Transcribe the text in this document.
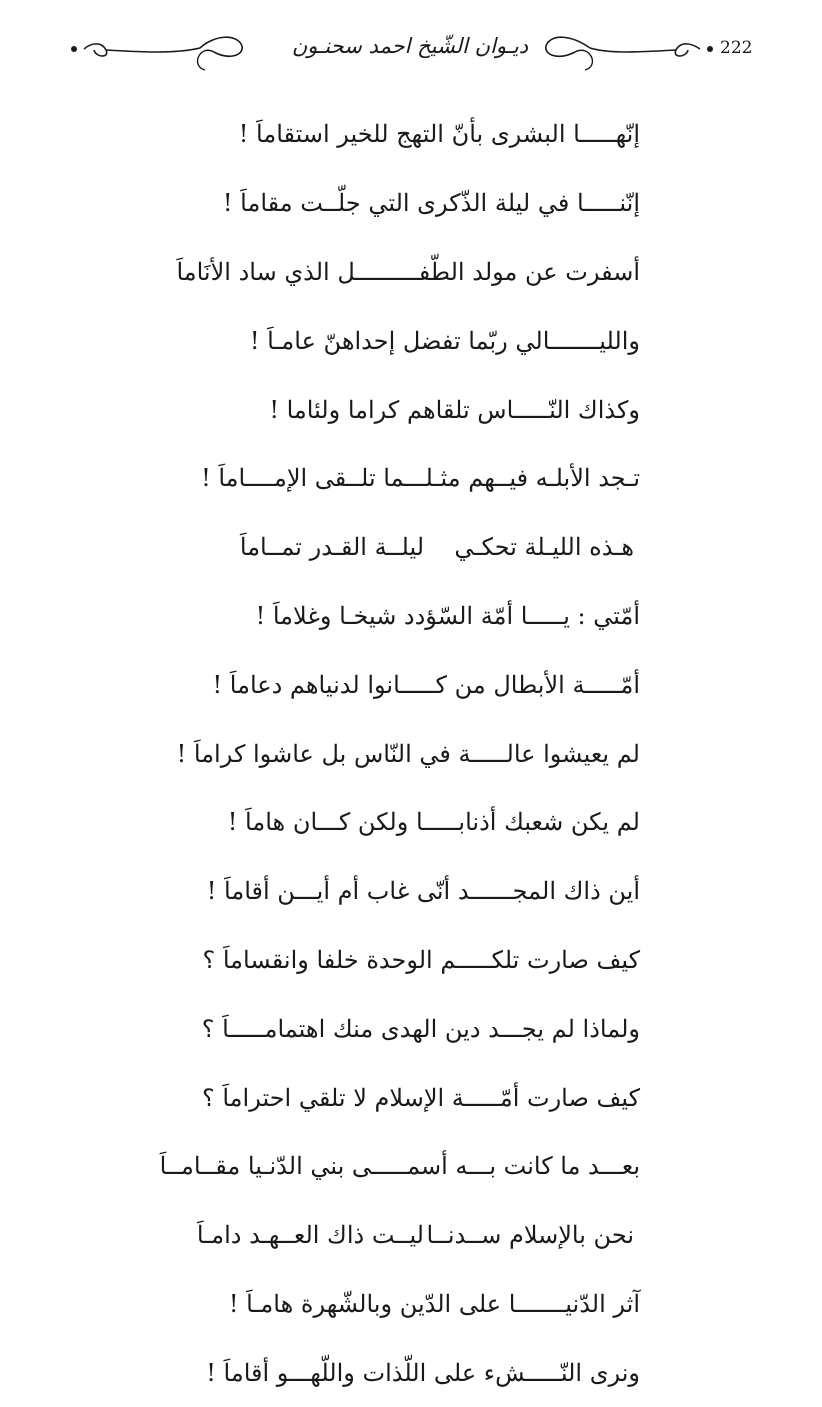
222
ديـوان الشّيخ احمد سحنـون
إنّهـــــا البشرى بأنّ التهج للخير استقاماَ !
إنّنـــــا في ليلة الذّكرى التي جلّــت مقاماَ !
أسفرت عن مولد الطّفـــــــــل الذي ساد الأنَاماَ
والليـــــــالي ربّما تفضل إحداهنّ عامـاَ !
وكذاك النّـــــاس تلقاهم كراما ولئاما !
تـجد الأبلـه فيــهم مثـلـــما تلــقى الإمــــاماَ !
هـذه الليـلة تحكـي
ليلــة القـدر تمــاماَ
أمّتي : يـــــا أمّة السّؤدد شيخـا وغلاماَ !
أمّـــــة الأبطال من كـــــانوا لدنياهم دعاماَ !
لم يعيشوا عالـــــة في النّاس بل عاشوا كراماَ !
لم يكن شعبك أذنابـــــا ولكن كـــان هاماَ !
أين ذاك المجــــــد أنّى غاب أم أيـــن أقاماَ !
كيف صارت تلكـــــم الوحدة خلفا وانقساماَ ؟
ولماذا لم يجـــد دين الهدى منك اهتمامـــــاَ ؟
كيف صارت أمّـــــة الإسلام لا تلقي احتراماَ ؟
بعـــد ما كانت بـــه أسمـــــى بني الدّنـيا مقــامــاَ
نحن بالإسلام ســدنــا
ليــت ذاك العــهـد دامـاَ
آثر الدّنيـــــــا على الدّين وبالشّهرة هامـاَ !
ونرى النّـــــشء على اللّذات واللّهـــو أقاماَ !
